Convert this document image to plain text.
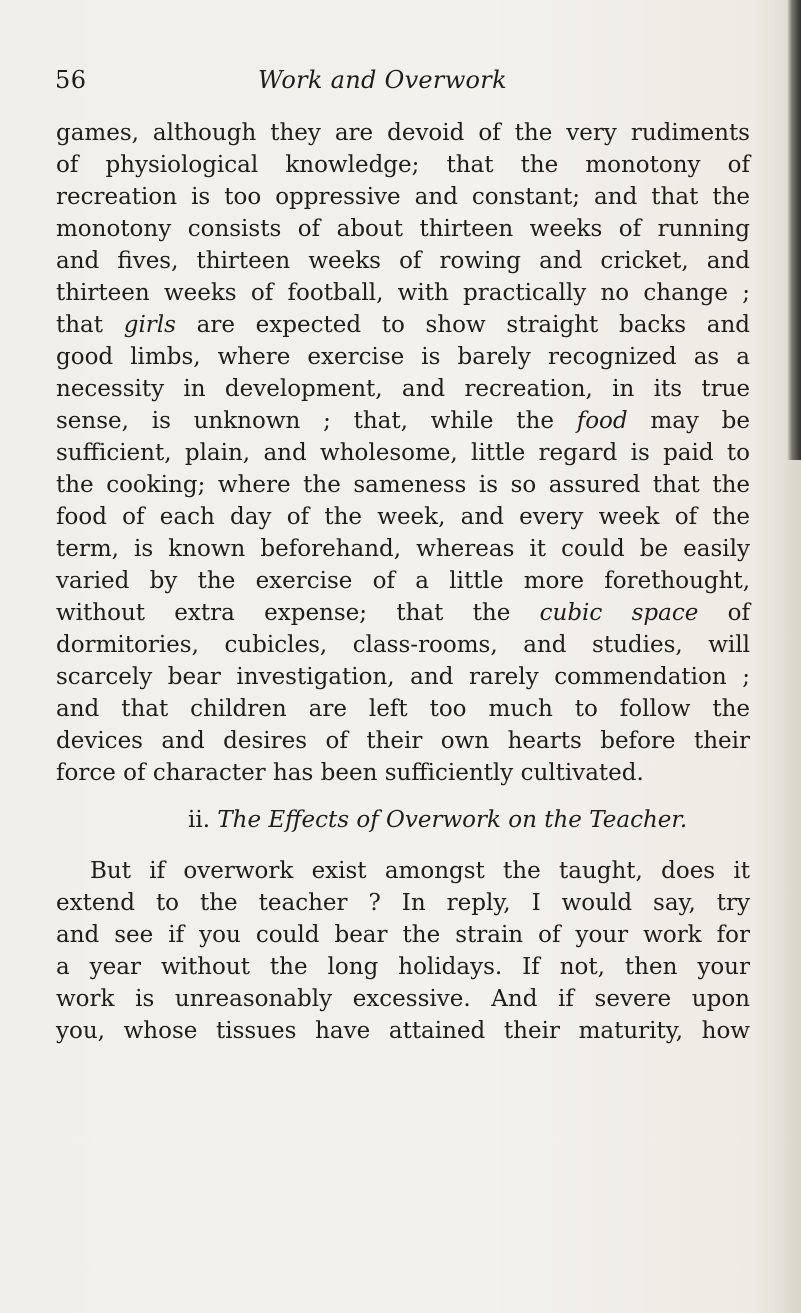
56	Work and Overwork
games, although they are devoid of the very rudiments
of physiological knowledge; that the monotony of
recreation is too oppressive and constant; and that the
monotony consists of about thirteen weeks of running
and fives, thirteen weeks of rowing and cricket, and
thirteen weeks of football, with practically no change ;
that girls are expected to show straight backs and
good limbs, where exercise is barely recognized as a
necessity in development, and recreation, in its true
sense, is unknown ; that, while the food may be
sufficient, plain, and wholesome, little regard is paid to
the cooking; where the sameness is so assured that the
food of each day of the week, and every week of the
term, is known beforehand, whereas it could be easily
varied by the exercise of a little more forethought,
without extra expense; that the cubic space of
dormitories, cubicles, class-rooms, and studies, will
scarcely bear investigation, and rarely commendation ;
and that children are left too much to follow the
devices and desires of their own hearts before their
force of character has been sufficiently cultivated.
ii. The Effects of Overwork on the Teacher.
But if overwork exist amongst the taught, does it
extend to the teacher ? In reply, I would say, try
and see if you could bear the strain of your work for
a year without the long holidays. If not, then your
work is unreasonably excessive. And if severe upon
you, whose tissues have attained their maturity, how
